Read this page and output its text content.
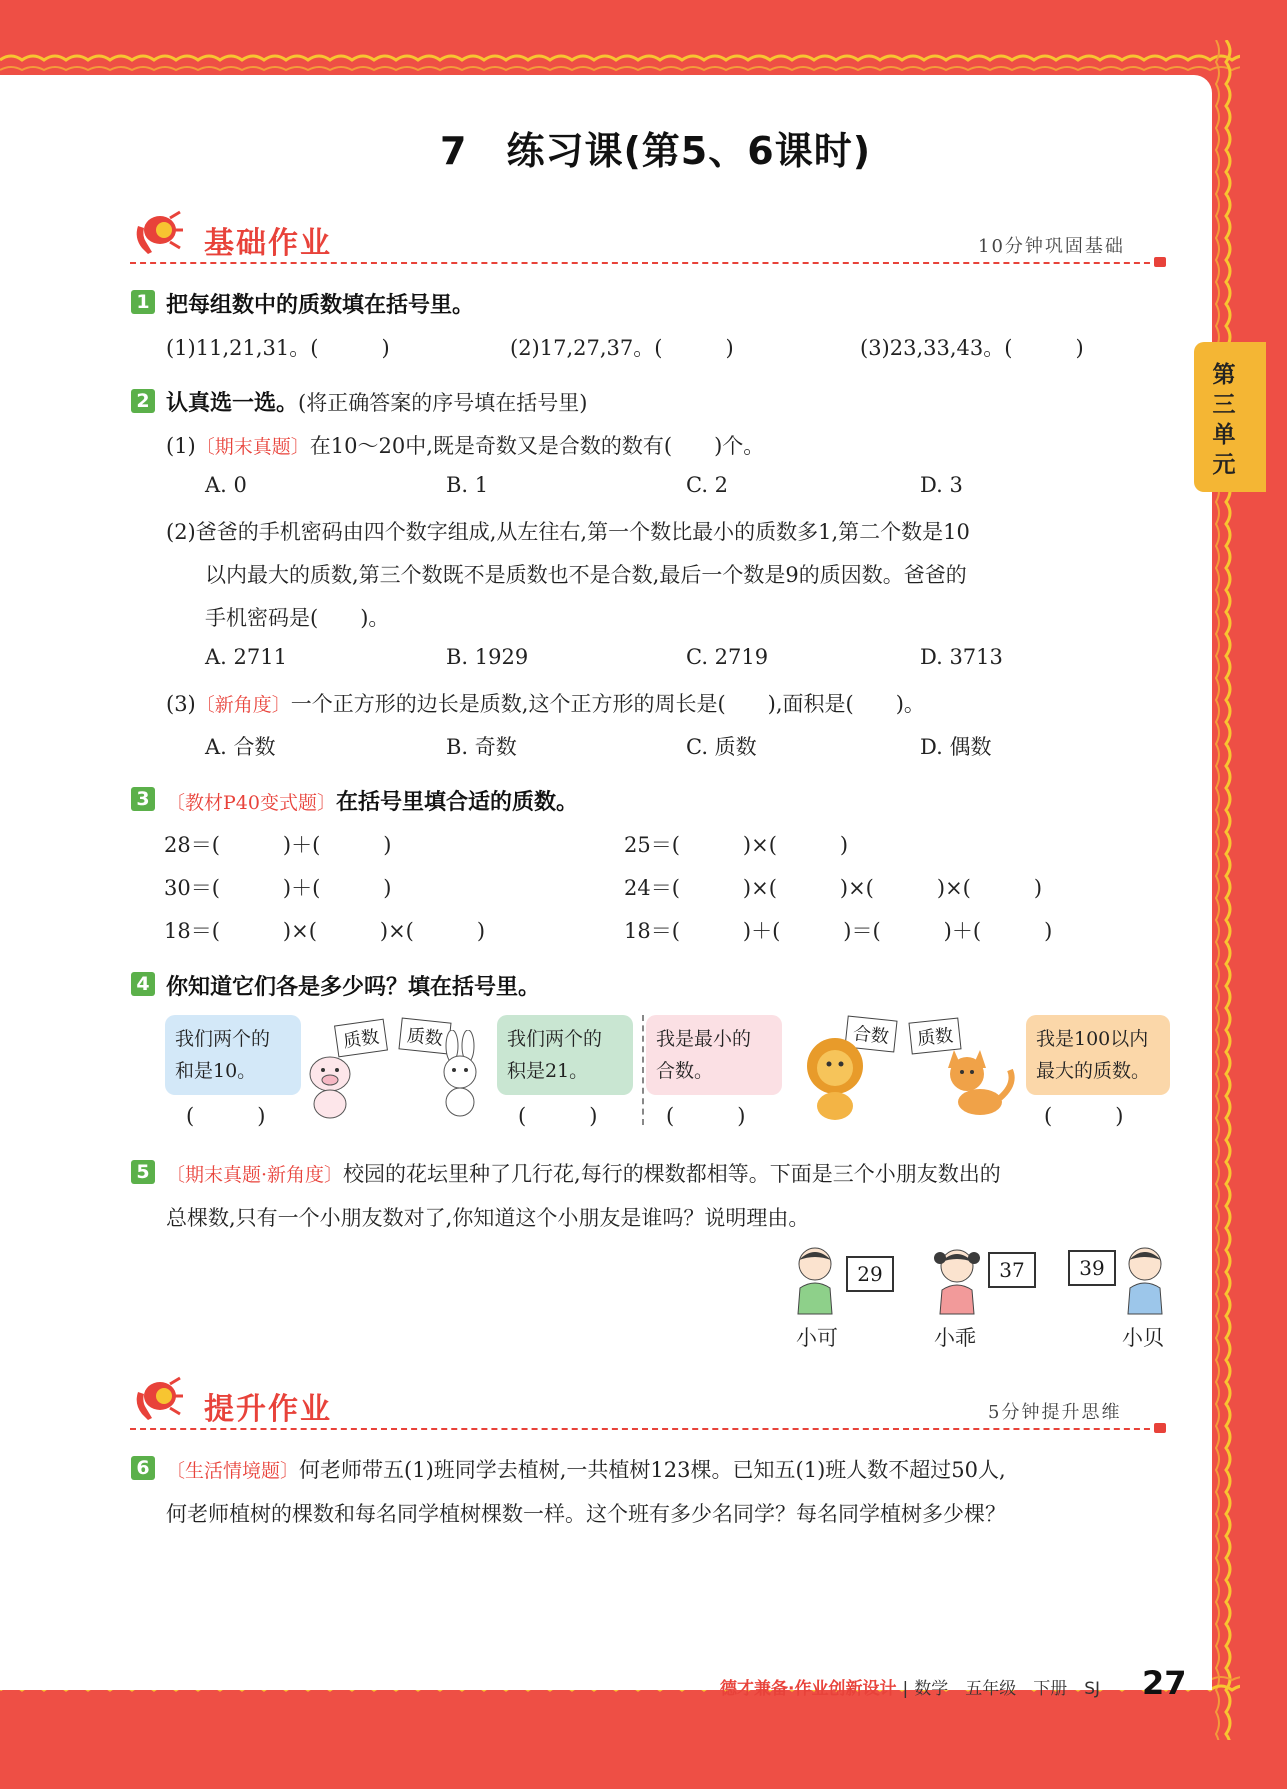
第三单元
7　练习课(第5、6课时)
基础作业	10分钟巩固基础
1 把每组数中的质数填在括号里。
(1)11,21,31。(　　　)	(2)17,27,37。(　　　)	(3)23,33,43。(　　　)
2 认真选一选。(将正确答案的序号填在括号里)
(1)〔期末真题〕在10～20中,既是奇数又是合数的数有(　　)个。
A. 0	B. 1	C. 2	D. 3
(2)爸爸的手机密码由四个数字组成,从左往右,第一个数比最小的质数多1,第二个数是10
以内最大的质数,第三个数既不是质数也不是合数,最后一个数是9的质因数。爸爸的
手机密码是(　　)。
A. 2711	B. 1929	C. 2719	D. 3713
(3)〔新角度〕一个正方形的边长是质数,这个正方形的周长是(　　),面积是(　　)。
A. 合数	B. 奇数	C. 质数	D. 偶数
3 〔教材P40变式题〕在括号里填合适的质数。
28＝(　　　)＋(　　　)
30＝(　　　)＋(　　　)
18＝(　　　)×(　　　)×(　　　)
25＝(　　　)×(　　　)
24＝(　　　)×(　　　)×(　　　)×(　　　)
18＝(　　　)＋(　　　)＝(　　　)＋(　　　)
4 你知道它们各是多少吗？填在括号里。
我们两个的
和是10。
我们两个的
积是21。
我是最小的
合数。
我是100以内
最大的质数。
质数	质数	合数	质数
(　　　)	(　　　)	(　　　)	(　　　)
5 〔期末真题·新角度〕校园的花坛里种了几行花,每行的棵数都相等。下面是三个小朋友数出的
总棵数,只有一个小朋友数对了,你知道这个小朋友是谁吗？说明理由。
29
小可
37
小乖
39
小贝
提升作业	5分钟提升思维
6 〔生活情境题〕何老师带五(1)班同学去植树,一共植树123棵。已知五(1)班人数不超过50人,
何老师植树的棵数和每名同学植树棵数一样。这个班有多少名同学？每名同学植树多少棵？
德才兼备·作业创新设计 | 数学　五年级　下册　SJ 27
